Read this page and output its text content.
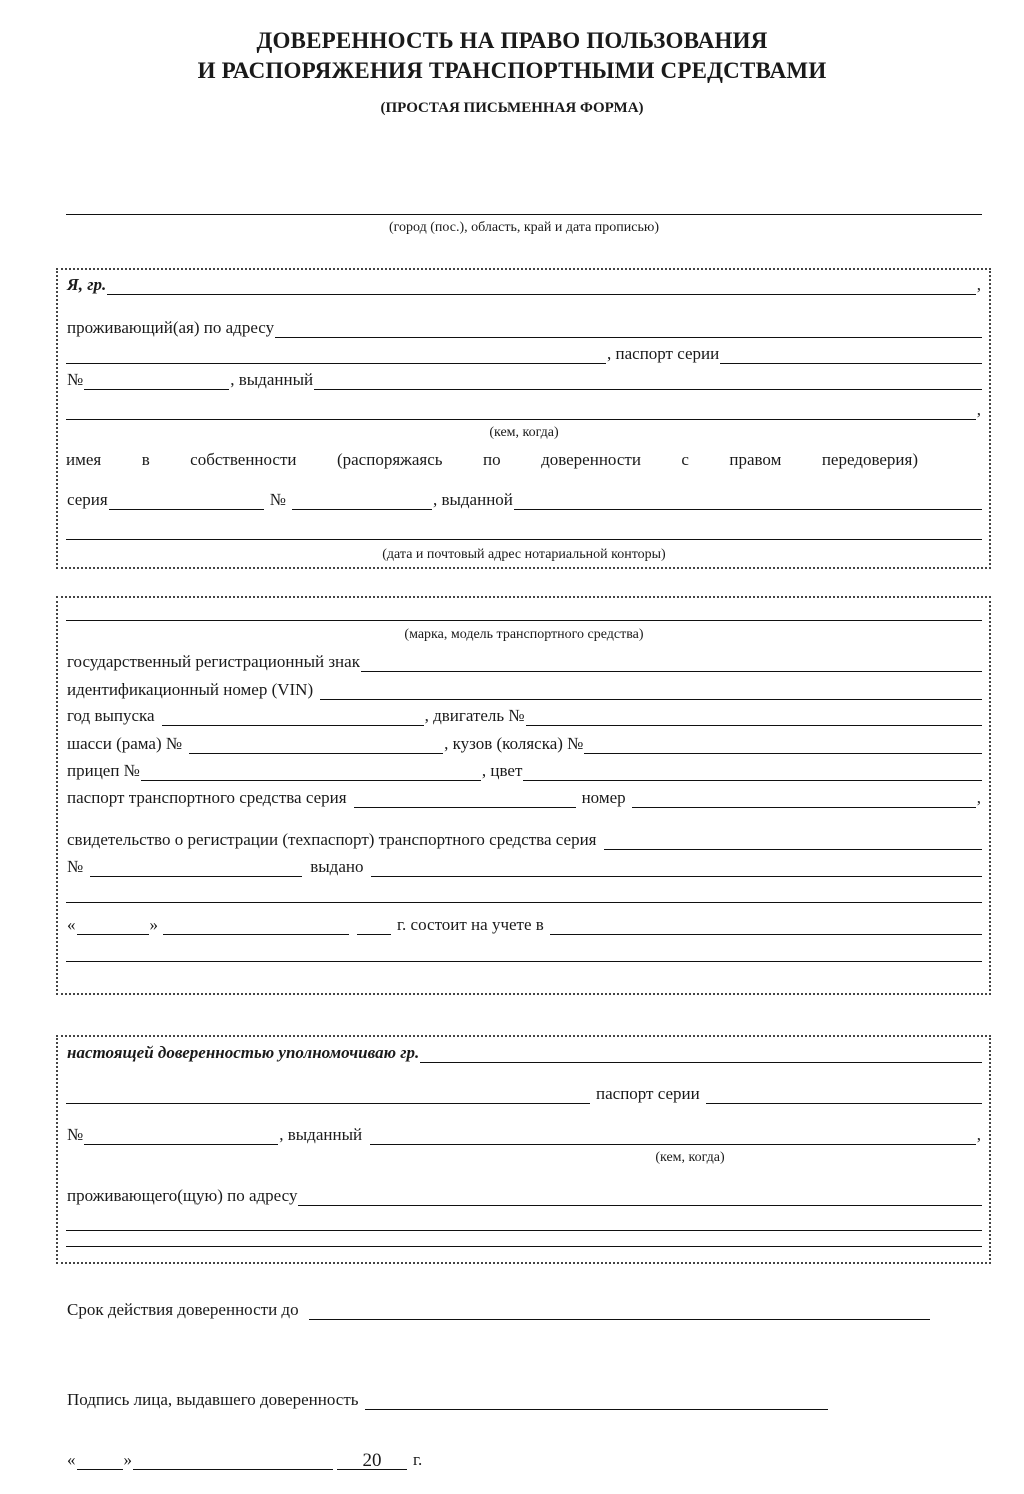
ДОВЕРЕННОСТЬ НА ПРАВО ПОЛЬЗОВАНИЯ
И РАСПОРЯЖЕНИЯ ТРАНСПОРТНЫМИ СРЕДСТВАМИ
(ПРОСТАЯ ПИСЬМЕННАЯ ФОРМА)
(город (пос.), область, край и дата прописью)
Я, гр.	,
проживающий(ая) по адресу
, паспорт серии
№	, выданный
,
(кем, когда)
имея в собственности (распоряжаясь по доверенности с правом передоверия)
серия	№	, выданной
(дата и почтовый адрес нотариальной конторы)
(марка, модель транспортного средства)
государственный регистрационный знак
идентификационный номер (VIN)
год выпуска	, двигатель №
шасси (рама) №	, кузов (коляска) №
прицеп №	, цвет
паспорт транспортного средства серия	номер	,
свидетельство о регистрации (техпаспорт) транспортного средства серия
№	выдано
«	»	г. состоит на учете в
настоящей доверенностью уполномочиваю гр.
паспорт серии
№	, выданный	,
(кем, когда)
проживающего(щую) по адресу
Срок действия доверенности до
Подпись лица, выдавшего доверенность
«	»	20	г.
